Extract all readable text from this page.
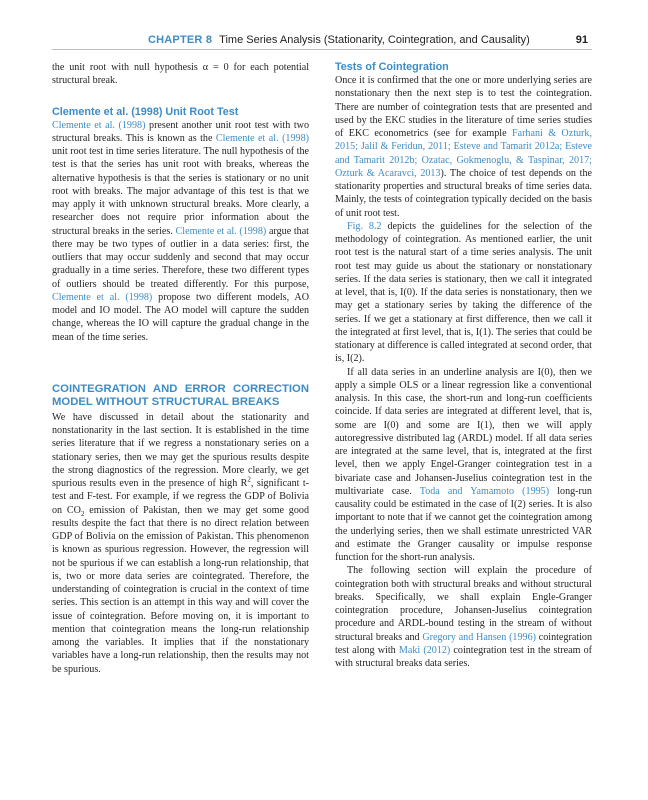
CHAPTER 8 Time Series Analysis (Stationarity, Cointegration, and Causality)	91

the unit root with null hypothesis α = 0 for each potential structural break.

Clemente et al. (1998) Unit Root Test

Clemente et al. (1998) present another unit root test with two structural breaks. This is known as the Clemente et al. (1998) unit root test in time series literature. The null hypothesis of the test is that the series has unit root with breaks, whereas the alternative hypothesis is that the series is stationary or no unit root with breaks. The major advantage of this test is that we may apply it with unknown structural breaks. More clearly, a researcher does not require prior information about the structural breaks in the series. Clemente et al. (1998) argue that there may be two types of outlier in a data series: first, the outliers that may occur suddenly and second that may occur gradually in a time series. Therefore, these two different types of outliers should be treated differently. For this purpose, Clemente et al. (1998) propose two different models, AO model and IO model. The AO model will capture the sudden change, whereas the IO will capture the gradual change in the mean of the time series.

COINTEGRATION AND ERROR CORRECTION MODEL WITHOUT STRUCTURAL BREAKS

We have discussed in detail about the stationarity and nonstationarity in the last section. It is established in the time series literature that if we regress a nonstationary series on a stationary series, then we may get the spurious results despite the strong diagnostics of the regression. More clearly, we get spurious results even in the presence of high $R^2$, significant t-test and F-test. For example, if we regress the GDP of Bolivia on $CO_2$ emission of Pakistan, then we may get some good results despite the fact that there is no direct relation between GDP of Bolivia on the emission of Pakistan. This phenomenon is known as spurious regression. However, the regression will not be spurious if we can establish a long-run relationship, that is, two or more data series are cointegrated. Therefore, the understanding of cointegration is crucial in the context of time series. This section is an attempt in this way and will cover the issue of cointegration. Before moving on, it is important to mention that cointegration means the long-run relationship among the variables. It implies that if the nonstationary variables have a long-run relationship, then the results may not be spurious.

Tests of Cointegration

Once it is confirmed that the one or more underlying series are nonstationary then the next step is to test the cointegration. There are number of cointegration tests that are presented and used by the EKC studies in the literature of time series studies of EKC econometrics (see for example Farhani & Ozturk, 2015; Jalil & Feridun, 2011; Esteve and Tamarit 2012a; Esteve and Tamarit 2012b; Ozatac, Gokmenoglu, & Taspinar, 2017; Ozturk & Acaravci, 2013). The choice of test depends on the stationarity properties and structural breaks of time series data. Mainly, the tests of cointegration typically decided on the basis of unit root test.

Fig. 8.2 depicts the guidelines for the selection of the methodology of cointegration. As mentioned earlier, the unit root test is the natural start of a time series analysis. The unit root test may guide us about the stationary or nonstationary series. If the data series is stationary, then we call it integrated at level, that is, I(0). If the data series is nonstationary, then we may get a stationary series by taking the difference of the series. If we get a stationary at first difference, then we call it the integrated at first level, that is, I(1). The series that could be stationary at difference is called integrated at second order, that is, I(2).

If all data series in an underline analysis are I(0), then we apply a simple OLS or a linear regression like a conventional analysis. In this case, the short-run and long-run coefficients coincide. If data series are integrated at different level, that is, some are I(0) and some are I(1), then we will apply autoregressive distributed lag (ARDL) model. If all data series are integrated at the same level, that is, integrated at the first level, then we apply Engel-Granger cointegration test in a bivariate case and Johansen-Juselius cointegration test in the multivariate case. Toda and Yamamoto (1995) long-run causality could be estimated in the case of I(2) series. It is also important to note that if we cannot get the cointegration among the underlying series, then we shall estimate unrestricted VAR and estimate the Granger causality or impulse response function for the short-run analysis.

The following section will explain the procedure of cointegration both with structural breaks and without structural breaks. Specifically, we shall explain Engle-Granger cointegration procedure, Johansen-Juselius cointegration procedure and ARDL-bound testing in the stream of without structural breaks and Gregory and Hansen (1996) cointegration test along with Maki (2012) cointegration test in the stream of with structural breaks data series.
